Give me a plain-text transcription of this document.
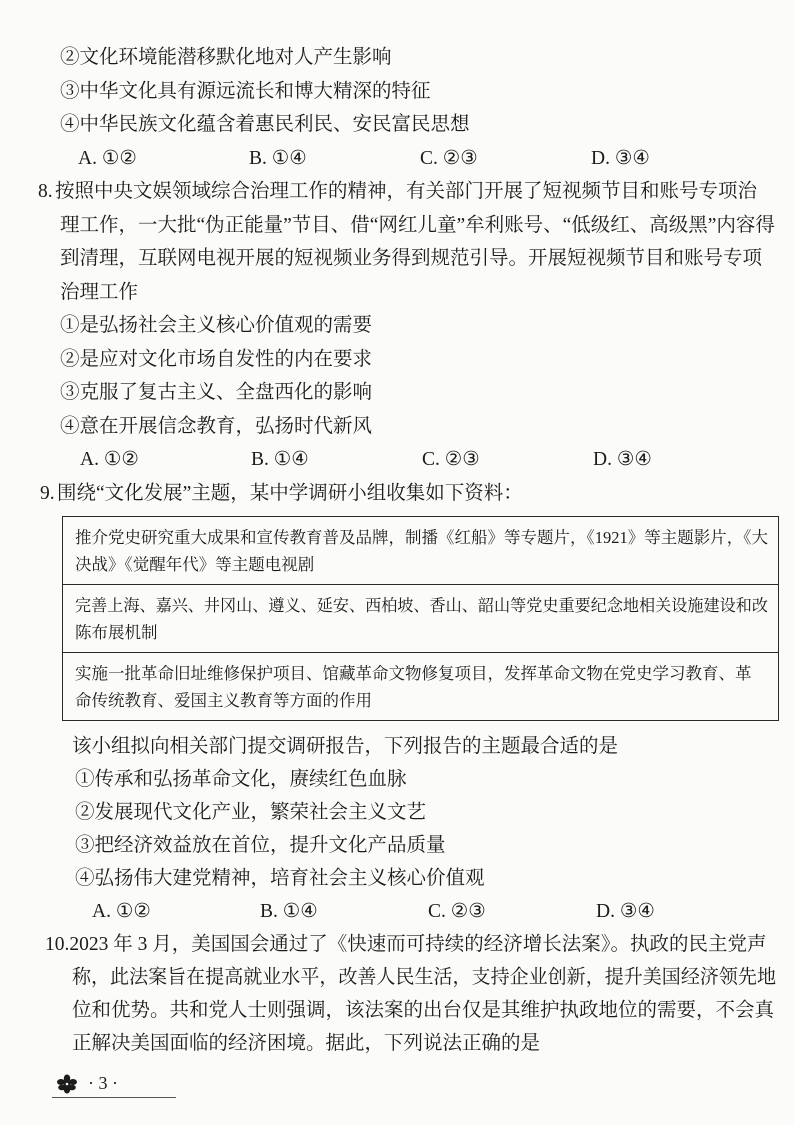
②文化环境能潜移默化地对人产生影响
③中华文化具有源远流长和博大精深的特征
④中华民族文化蕴含着惠民利民、安民富民思想
A. ①②	B. ①④	C. ②③	D. ③④
8. 按照中央文娱领域综合治理工作的精神，有关部门开展了短视频节目和账号专项治
理工作，一大批“伪正能量”节目、借“网红儿童”牟利账号、“低级红、高级黑”内容得
到清理，互联网电视开展的短视频业务得到规范引导。开展短视频节目和账号专项
治理工作
①是弘扬社会主义核心价值观的需要
②是应对文化市场自发性的内在要求
③克服了复古主义、全盘西化的影响
④意在开展信念教育，弘扬时代新风
A. ①②	B. ①④	C. ②③	D. ③④
9. 围绕“文化发展”主题，某中学调研小组收集如下资料：
推介党史研究重大成果和宣传教育普及品牌，制播《红船》等专题片，《1921》等主题影片，《大
决战》《觉醒年代》等主题电视剧
完善上海、嘉兴、井冈山、遵义、延安、西柏坡、香山、韶山等党史重要纪念地相关设施建设和改
陈布展机制
实施一批革命旧址维修保护项目、馆藏革命文物修复项目，发挥革命文物在党史学习教育、革
命传统教育、爱国主义教育等方面的作用
该小组拟向相关部门提交调研报告，下列报告的主题最合适的是
①传承和弘扬革命文化，赓续红色血脉
②发展现代文化产业，繁荣社会主义文艺
③把经济效益放在首位，提升文化产品质量
④弘扬伟大建党精神，培育社会主义核心价值观
A. ①②	B. ①④	C. ②③	D. ③④
10.2023 年 3 月，美国国会通过了《快速而可持续的经济增长法案》。执政的民主党声
称，此法案旨在提高就业水平，改善人民生活，支持企业创新，提升美国经济领先地
位和优势。共和党人士则强调，该法案的出台仅是其维护执政地位的需要，不会真
正解决美国面临的经济困境。据此，下列说法正确的是
· 3 ·
